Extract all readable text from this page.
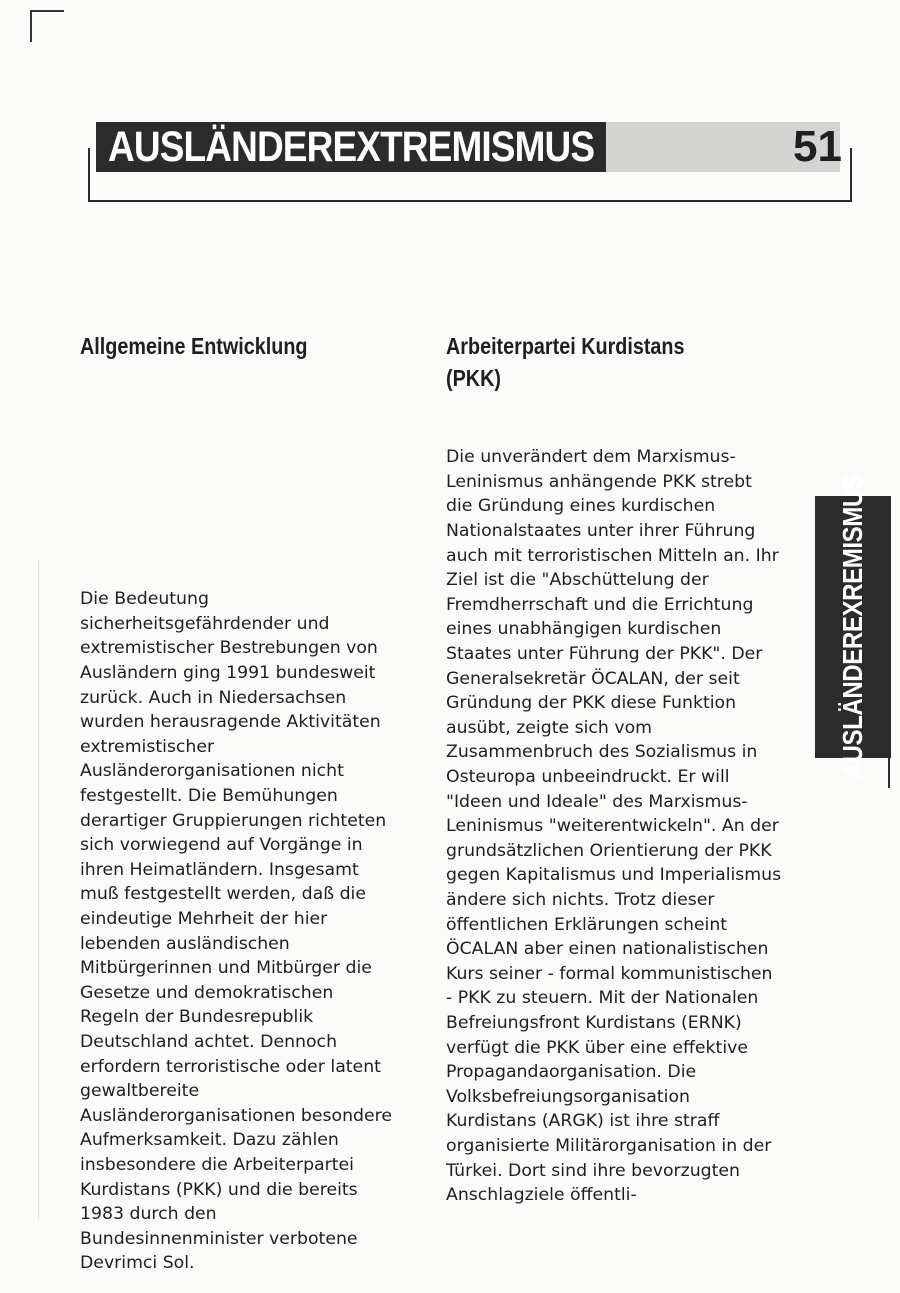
AUSLÄNDEREXTREMISMUS	51
Allgemeine Entwicklung

Die Bedeutung sicherheitsgefährdender und extremistischer Bestrebungen von Ausländern ging 1991 bundesweit zurück. Auch in Niedersachsen wurden herausragende Aktivitäten extremistischer Ausländerorganisationen nicht festgestellt. Die Bemühungen derartiger Gruppierungen richteten sich vorwiegend auf Vorgänge in ihren Heimatländern. Insgesamt muß festgestellt werden, daß die eindeutige Mehrheit der hier lebenden ausländischen Mitbürgerinnen und Mitbürger die Gesetze und demokratischen Regeln der Bundesrepublik Deutschland achtet. Dennoch erfordern terroristische oder latent gewaltbereite Ausländerorganisationen besondere Aufmerksamkeit. Dazu zählen insbesondere die Arbeiterpartei Kurdistans (PKK) und die bereits 1983 durch den Bundesinnenminister verbotene Devrimci Sol.

Arbeiterpartei Kurdistans
(PKK)

Die unverändert dem Marxismus-Leninismus anhängende PKK strebt die Gründung eines kurdischen Nationalstaates unter ihrer Führung auch mit terroristischen Mitteln an. Ihr Ziel ist die "Abschüttelung der Fremdherrschaft und die Errichtung eines unabhängigen kurdischen Staates unter Führung der PKK". Der Generalsekretär ÖCALAN, der seit Gründung der PKK diese Funktion ausübt, zeigte sich vom Zusammenbruch des Sozialismus in Osteuropa unbeeindruckt. Er will "Ideen und Ideale" des Marxismus-Leninismus "weiterentwickeln". An der grundsätzlichen Orientierung der PKK gegen Kapitalismus und Imperialismus ändere sich nichts. Trotz dieser öffentlichen Erklärungen scheint ÖCALAN aber einen nationalistischen Kurs seiner - formal kommunistischen - PKK zu steuern. Mit der Nationalen Befreiungsfront Kurdistans (ERNK) verfügt die PKK über eine effektive Propagandaorganisation. Die Volksbefreiungsorganisation Kurdistans (ARGK) ist ihre straff organisierte Militärorganisation in der Türkei. Dort sind ihre bevorzugten Anschlagziele öffentli-

AUSLÄNDEREXREMISMUS
